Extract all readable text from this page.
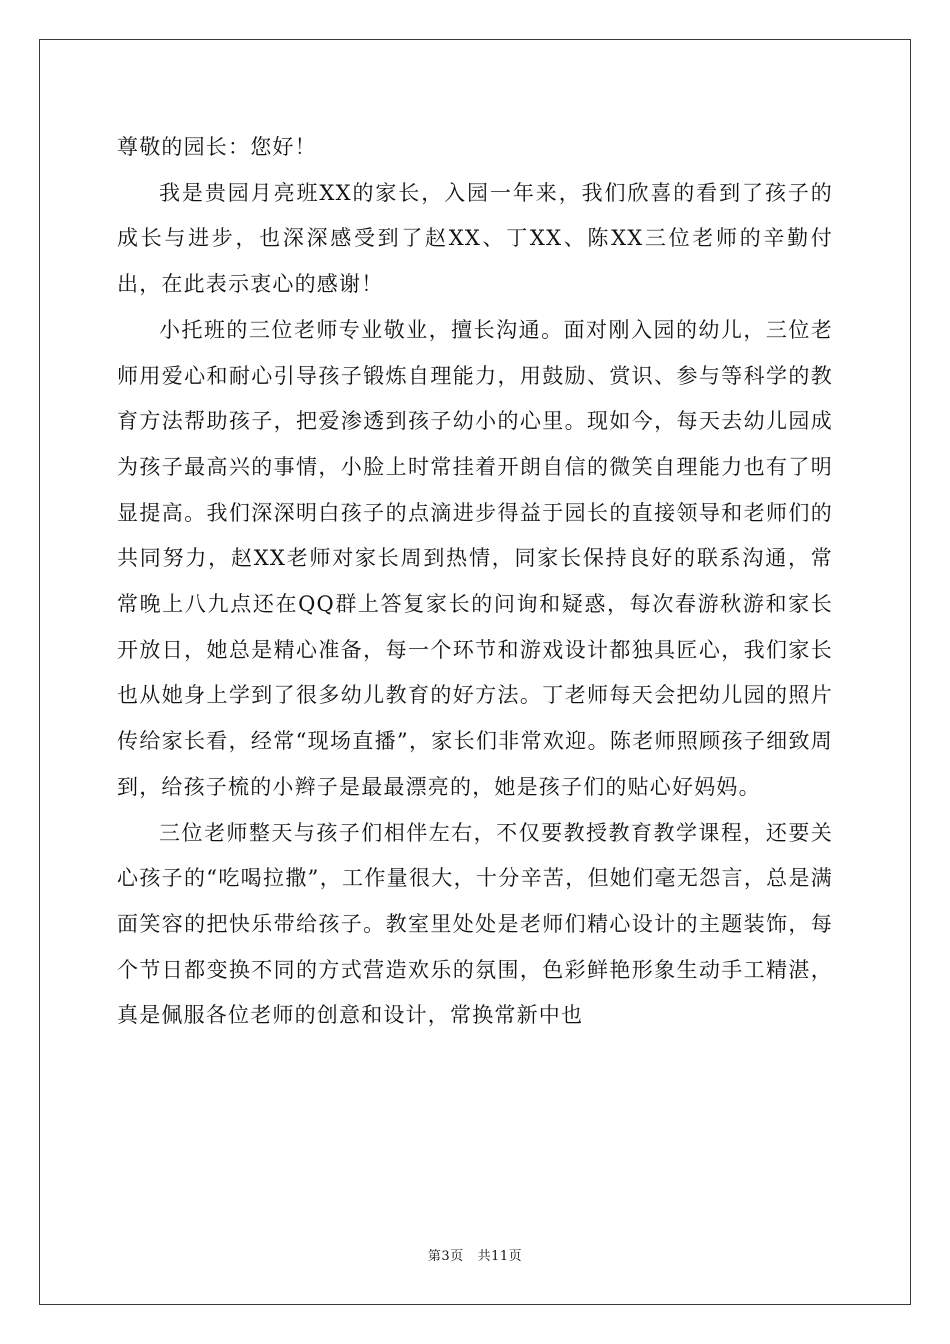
尊敬的园长：您好！

我是贵园月亮班XX的家长，入园一年来，我们欣喜的看到了孩子的成长与进步，也深深感受到了赵XX、丁XX、陈XX三位老师的辛勤付出，在此表示衷心的感谢！

小托班的三位老师专业敬业，擅长沟通。面对刚入园的幼儿，三位老师用爱心和耐心引导孩子锻炼自理能力，用鼓励、赏识、参与等科学的教育方法帮助孩子，把爱渗透到孩子幼小的心里。现如今，每天去幼儿园成为孩子最高兴的事情，小脸上时常挂着开朗自信的微笑自理能力也有了明显提高。我们深深明白孩子的点滴进步得益于园长的直接领导和老师们的共同努力，赵XX老师对家长周到热情，同家长保持良好的联系沟通，常常晚上八九点还在QQ群上答复家长的问询和疑惑，每次春游秋游和家长开放日，她总是精心准备，每一个环节和游戏设计都独具匠心，我们家长也从她身上学到了很多幼儿教育的好方法。丁老师每天会把幼儿园的照片传给家长看，经常“现场直播”，家长们非常欢迎。陈老师照顾孩子细致周到，给孩子梳的小辫子是最最漂亮的，她是孩子们的贴心好妈妈。

三位老师整天与孩子们相伴左右，不仅要教授教育教学课程，还要关心孩子的“吃喝拉撒”，工作量很大，十分辛苦，但她们毫无怨言，总是满面笑容的把快乐带给孩子。教室里处处是老师们精心设计的主题装饰，每个节日都变换不同的方式营造欢乐的氛围，色彩鲜艳形象生动手工精湛，真是佩服各位老师的创意和设计，常换常新中也

第3页 共11页
